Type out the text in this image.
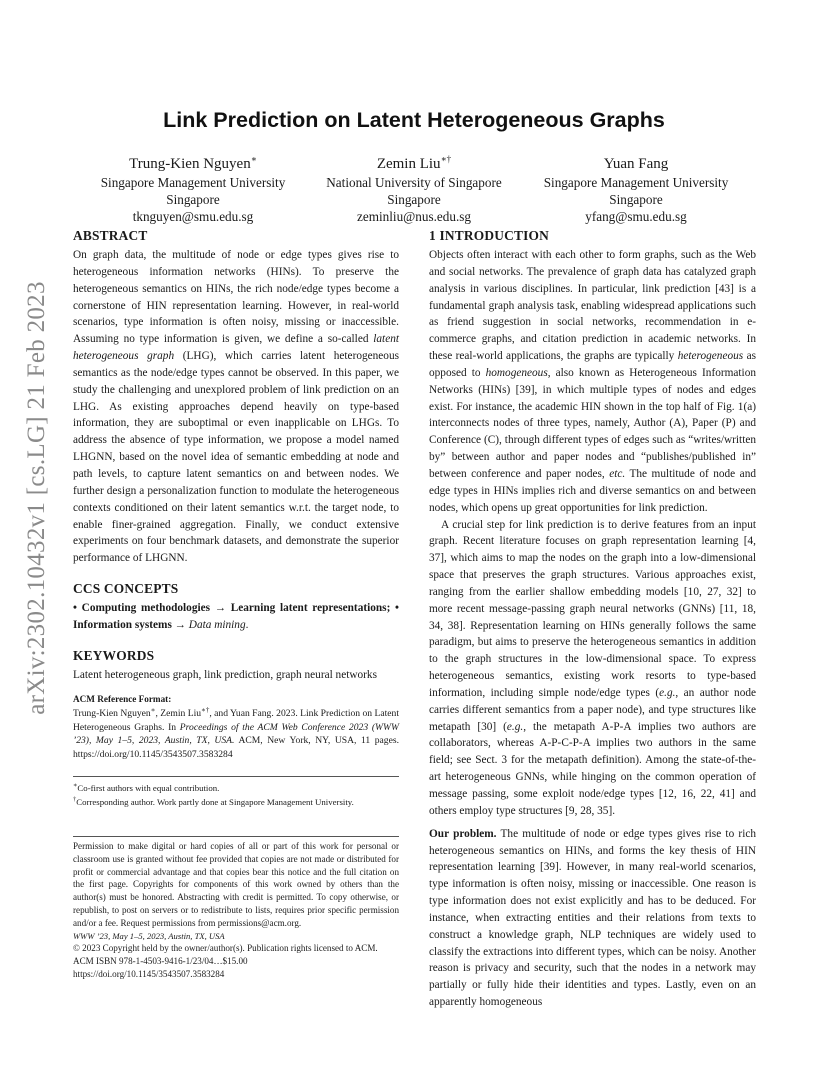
arXiv:2302.10432v1 [cs.LG] 21 Feb 2023
Link Prediction on Latent Heterogeneous Graphs
Trung-Kien Nguyen∗
Singapore Management University
Singapore
tknguyen@smu.edu.sg
Zemin Liu∗†
National University of Singapore
Singapore
zeminliu@nus.edu.sg
Yuan Fang
Singapore Management University
Singapore
yfang@smu.edu.sg
ABSTRACT

On graph data, the multitude of node or edge types gives rise to heterogeneous information networks (HINs). To preserve the heterogeneous semantics on HINs, the rich node/edge types become a cornerstone of HIN representation learning. However, in real-world scenarios, type information is often noisy, missing or inaccessible. Assuming no type information is given, we define a so-called latent heterogeneous graph (LHG), which carries latent heterogeneous semantics as the node/edge types cannot be observed. In this paper, we study the challenging and unexplored problem of link prediction on an LHG. As existing approaches depend heavily on type-based information, they are suboptimal or even inapplicable on LHGs. To address the absence of type information, we propose a model named LHGNN, based on the novel idea of semantic embedding at node and path levels, to capture latent semantics on and between nodes. We further design a personalization function to modulate the heterogeneous contexts conditioned on their latent semantics w.r.t. the target node, to enable finer-grained aggregation. Finally, we conduct extensive experiments on four benchmark datasets, and demonstrate the superior performance of LHGNN.

CCS CONCEPTS

• Computing methodologies → Learning latent representations; • Information systems → Data mining.

KEYWORDS

Latent heterogeneous graph, link prediction, graph neural networks

ACM Reference Format:

Trung-Kien Nguyen∗, Zemin Liu∗†, and Yuan Fang. 2023. Link Prediction on Latent Heterogeneous Graphs. In Proceedings of the ACM Web Conference 2023 (WWW ’23), May 1–5, 2023, Austin, TX, USA. ACM, New York, NY, USA, 11 pages. https://doi.org/10.1145/3543507.3583284

∗Co-first authors with equal contribution.

†Corresponding author. Work partly done at Singapore Management University.

Permission to make digital or hard copies of all or part of this work for personal or classroom use is granted without fee provided that copies are not made or distributed for profit or commercial advantage and that copies bear this notice and the full citation on the first page. Copyrights for components of this work owned by others than the author(s) must be honored. Abstracting with credit is permitted. To copy otherwise, or republish, to post on servers or to redistribute to lists, requires prior specific permission and/or a fee. Request permissions from permissions@acm.org.

WWW ’23, May 1–5, 2023, Austin, TX, USA

© 2023 Copyright held by the owner/author(s). Publication rights licensed to ACM.

ACM ISBN 978-1-4503-9416-1/23/04…$15.00

https://doi.org/10.1145/3543507.3583284

1 INTRODUCTION

Objects often interact with each other to form graphs, such as the Web and social networks. The prevalence of graph data has catalyzed graph analysis in various disciplines. In particular, link prediction [43] is a fundamental graph analysis task, enabling widespread applications such as friend suggestion in social networks, recommendation in e-commerce graphs, and citation prediction in academic networks. In these real-world applications, the graphs are typically heterogeneous as opposed to homogeneous, also known as Heterogeneous Information Networks (HINs) [39], in which multiple types of nodes and edges exist. For instance, the academic HIN shown in the top half of Fig. 1(a) interconnects nodes of three types, namely, Author (A), Paper (P) and Conference (C), through different types of edges such as “writes/written by” between author and paper nodes and “publishes/published in” between conference and paper nodes, etc. The multitude of node and edge types in HINs implies rich and diverse semantics on and between nodes, which opens up great opportunities for link prediction.

A crucial step for link prediction is to derive features from an input graph. Recent literature focuses on graph representation learning [4, 37], which aims to map the nodes on the graph into a low-dimensional space that preserves the graph structures. Various approaches exist, ranging from the earlier shallow embedding models [10, 27, 32] to more recent message-passing graph neural networks (GNNs) [11, 18, 34, 38]. Representation learning on HINs generally follows the same paradigm, but aims to preserve the heterogeneous semantics in addition to the graph structures in the low-dimensional space. To express heterogeneous semantics, existing work resorts to type-based information, including simple node/edge types (e.g., an author node carries different semantics from a paper node), and type structures like metapath [30] (e.g., the metapath A-P-A implies two authors are collaborators, whereas A-P-C-P-A implies two authors in the same field; see Sect. 3 for the metapath definition). Among the state-of-the-art heterogeneous GNNs, while hinging on the common operation of message passing, some exploit node/edge types [12, 16, 22, 41] and others employ type structures [9, 28, 35].

Our problem. The multitude of node or edge types gives rise to rich heterogeneous semantics on HINs, and forms the key thesis of HIN representation learning [39]. However, in many real-world scenarios, type information is often noisy, missing or inaccessible. One reason is type information does not exist explicitly and has to be deduced. For instance, when extracting entities and their relations from texts to construct a knowledge graph, NLP techniques are widely used to classify the extractions into different types, which can be noisy. Another reason is privacy and security, such that the nodes in a network may partially or fully hide their identities and types. Lastly, even on an apparently homogeneous
